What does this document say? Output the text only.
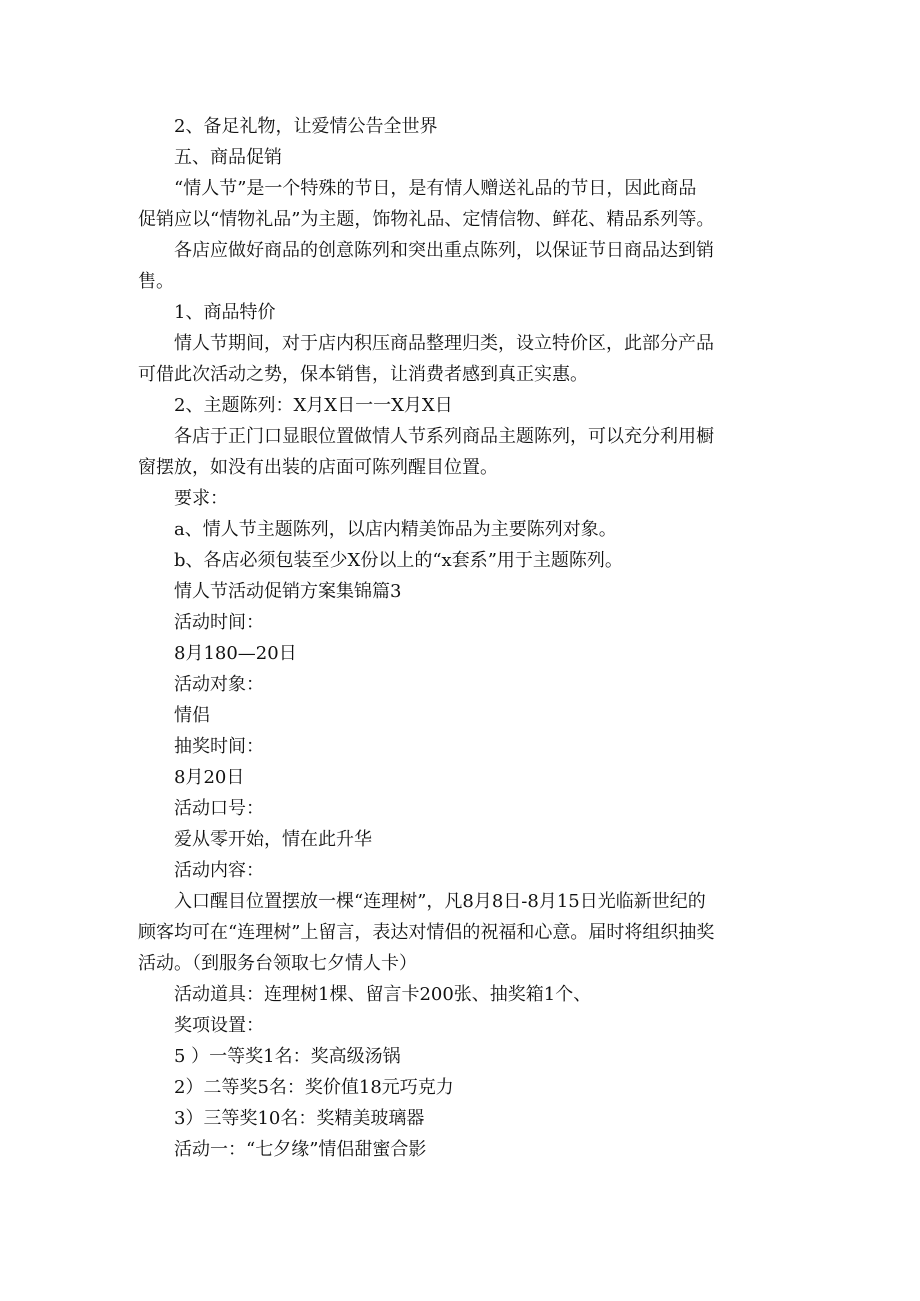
2、备足礼物，让爱情公告全世界
五、商品促销
“情人节”是一个特殊的节日，是有情人赠送礼品的节日，因此商品
促销应以“情物礼品”为主题，饰物礼品、定情信物、鲜花、精品系列等。
各店应做好商品的创意陈列和突出重点陈列，以保证节日商品达到销
售。
1、商品特价
情人节期间，对于店内积压商品整理归类，设立特价区，此部分产品
可借此次活动之势，保本销售，让消费者感到真正实惠。
2、主题陈列：X月X日一一X月X日
各店于正门口显眼位置做情人节系列商品主题陈列，可以充分利用橱
窗摆放，如没有出装的店面可陈列醒目位置。
要求：
a、情人节主题陈列，以店内精美饰品为主要陈列对象。
b、各店必须包装至少X份以上的“x套系”用于主题陈列。
情人节活动促销方案集锦篇3
活动时间：
8月180—20日
活动对象：
情侣
抽奖时间：
8月20日
活动口号：
爱从零开始，情在此升华
活动内容：
入口醒目位置摆放一棵“连理树”，凡8月8日-8月15日光临新世纪的
顾客均可在“连理树”上留言，表达对情侣的祝福和心意。届时将组织抽奖
活动。（到服务台领取七夕情人卡）
活动道具：连理树1棵、留言卡200张、抽奖箱1个、
奖项设置：
5 ）一等奖1名：奖高级汤锅
2）二等奖5名：奖价值18元巧克力
3）三等奖10名：奖精美玻璃器
活动一：“七夕缘”情侣甜蜜合影
